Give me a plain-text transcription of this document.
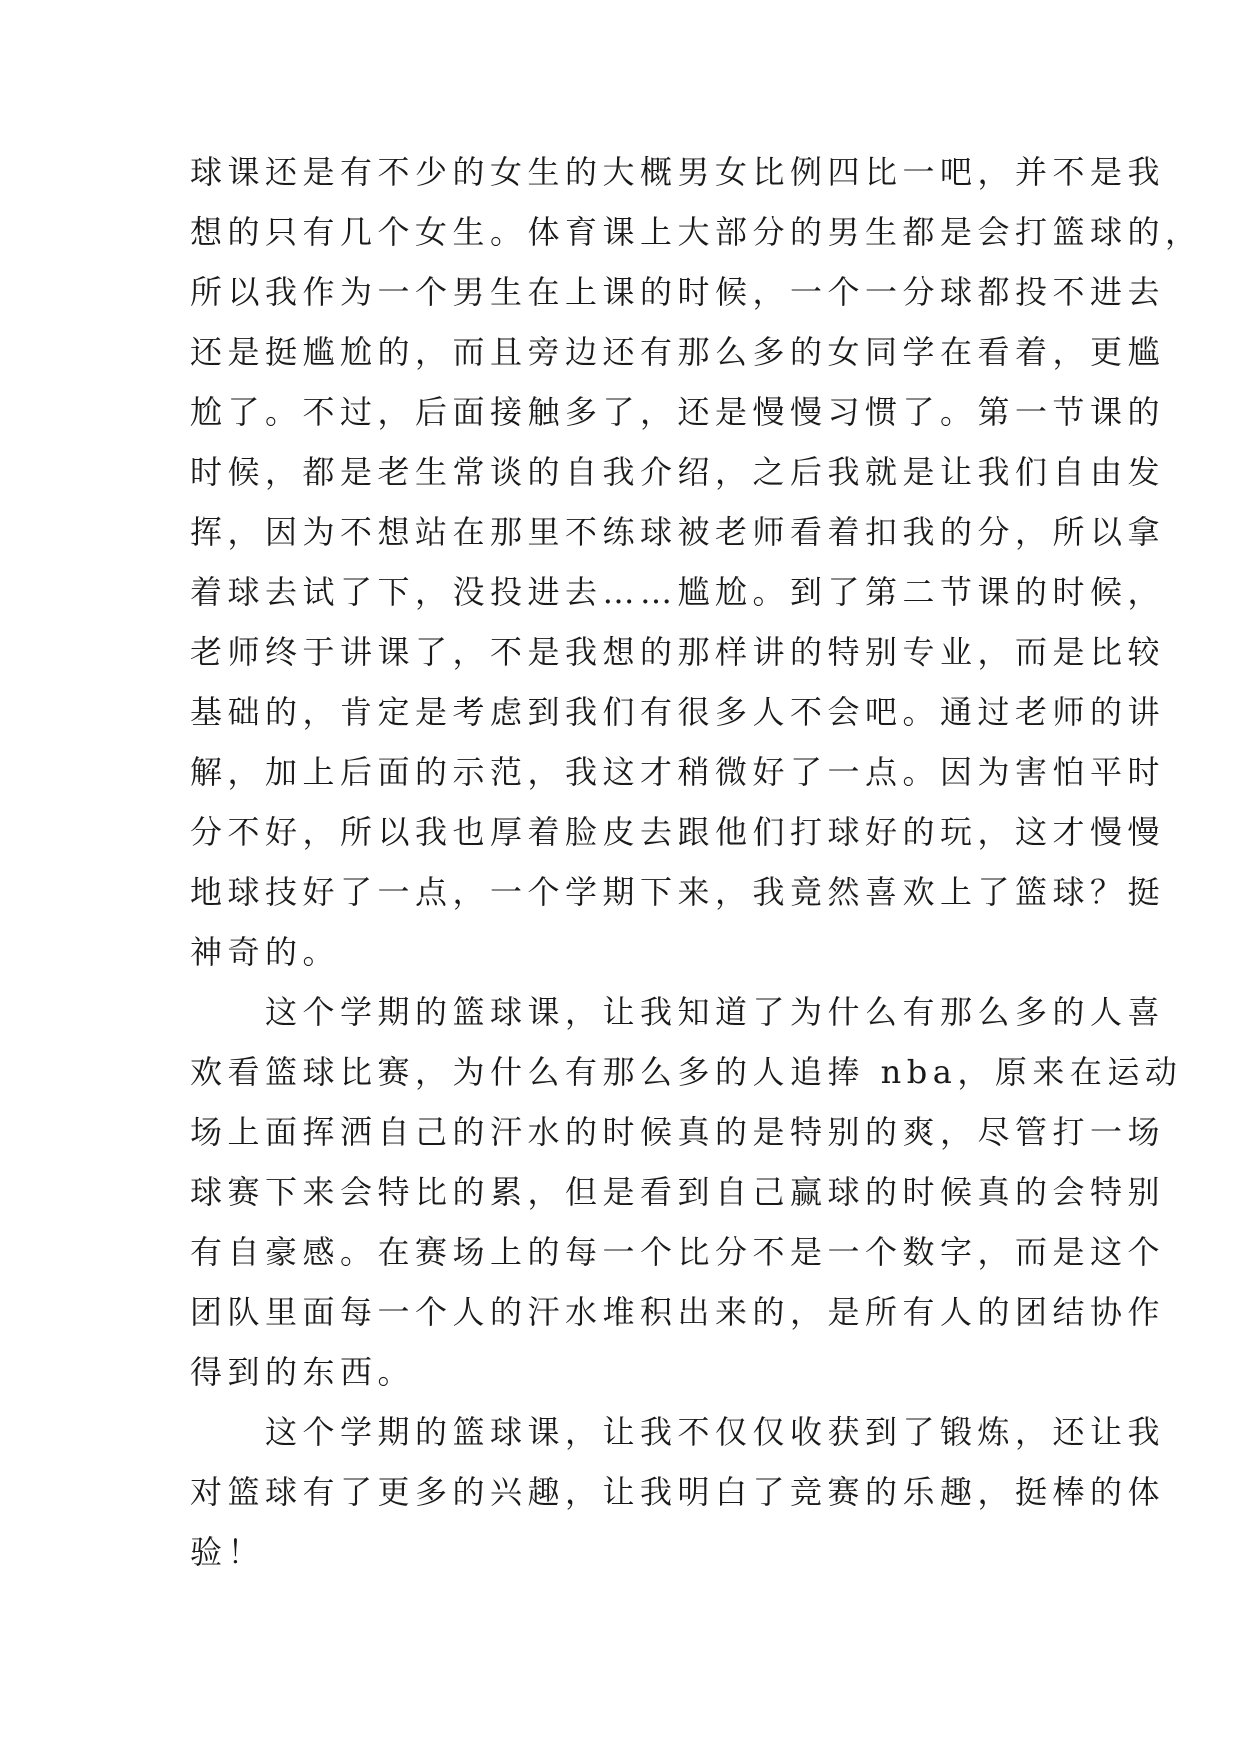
球课还是有不少的女生的大概男女比例四比一吧，并不是我
想的只有几个女生。体育课上大部分的男生都是会打篮球的，
所以我作为一个男生在上课的时候，一个一分球都投不进去
还是挺尴尬的，而且旁边还有那么多的女同学在看着，更尴
尬了。不过，后面接触多了，还是慢慢习惯了。第一节课的
时候，都是老生常谈的自我介绍，之后我就是让我们自由发
挥，因为不想站在那里不练球被老师看着扣我的分，所以拿
着球去试了下，没投进去……尴尬。到了第二节课的时候，
老师终于讲课了，不是我想的那样讲的特别专业，而是比较
基础的，肯定是考虑到我们有很多人不会吧。通过老师的讲
解，加上后面的示范，我这才稍微好了一点。因为害怕平时
分不好，所以我也厚着脸皮去跟他们打球好的玩，这才慢慢
地球技好了一点，一个学期下来，我竟然喜欢上了篮球？挺
神奇的。
　　这个学期的篮球课，让我知道了为什么有那么多的人喜
欢看篮球比赛，为什么有那么多的人追捧 nba，原来在运动
场上面挥洒自己的汗水的时候真的是特别的爽，尽管打一场
球赛下来会特比的累，但是看到自己赢球的时候真的会特别
有自豪感。在赛场上的每一个比分不是一个数字，而是这个
团队里面每一个人的汗水堆积出来的，是所有人的团结协作
得到的东西。
　　这个学期的篮球课，让我不仅仅收获到了锻炼，还让我
对篮球有了更多的兴趣，让我明白了竞赛的乐趣，挺棒的体
验！
